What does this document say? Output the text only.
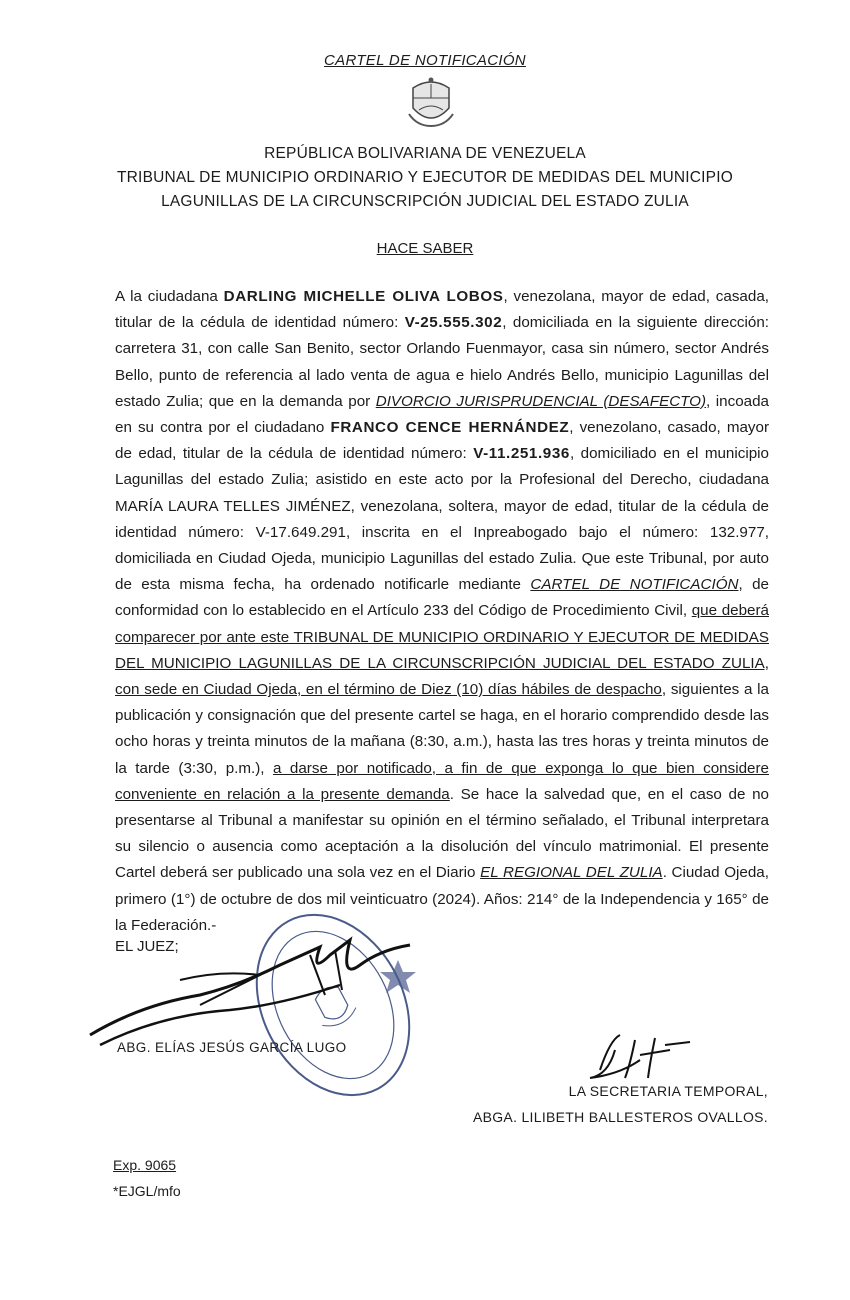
CARTEL DE NOTIFICACIÓN
REPÚBLICA BOLIVARIANA DE VENEZUELA
TRIBUNAL DE MUNICIPIO ORDINARIO Y EJECUTOR DE MEDIDAS DEL MUNICIPIO
LAGUNILLAS DE LA CIRCUNSCRIPCIÓN JUDICIAL DEL ESTADO ZULIA
HACE SABER
A la ciudadana DARLING MICHELLE OLIVA LOBOS, venezolana, mayor de edad, casada, titular de la cédula de identidad número: V-25.555.302, domiciliada en la siguiente dirección: carretera 31, con calle San Benito, sector Orlando Fuenmayor, casa sin número, sector Andrés Bello, punto de referencia al lado venta de agua e hielo Andrés Bello, municipio Lagunillas del estado Zulia; que en la demanda por DIVORCIO JURISPRUDENCIAL (DESAFECTO), incoada en su contra por el ciudadano FRANCO CENCE HERNÁNDEZ, venezolano, casado, mayor de edad, titular de la cédula de identidad número: V-11.251.936, domiciliado en el municipio Lagunillas del estado Zulia; asistido en este acto por la Profesional del Derecho, ciudadana MARÍA LAURA TELLES JIMÉNEZ, venezolana, soltera, mayor de edad, titular de la cédula de identidad número: V-17.649.291, inscrita en el Inpreabogado bajo el número: 132.977, domiciliada en Ciudad Ojeda, municipio Lagunillas del estado Zulia. Que este Tribunal, por auto de esta misma fecha, ha ordenado notificarle mediante CARTEL DE NOTIFICACIÓN, de conformidad con lo establecido en el Artículo 233 del Código de Procedimiento Civil, que deberá comparecer por ante este TRIBUNAL DE MUNICIPIO ORDINARIO Y EJECUTOR DE MEDIDAS DEL MUNICIPIO LAGUNILLAS DE LA CIRCUNSCRIPCIÓN JUDICIAL DEL ESTADO ZULIA, con sede en Ciudad Ojeda, en el término de Diez (10) días hábiles de despacho, siguientes a la publicación y consignación que del presente cartel se haga, en el horario comprendido desde las ocho horas y treinta minutos de la mañana (8:30, a.m.), hasta las tres horas y treinta minutos de la tarde (3:30, p.m.), a darse por notificado, a fin de que exponga lo que bien considere conveniente en relación a la presente demanda. Se hace la salvedad que, en el caso de no presentarse al Tribunal a manifestar su opinión en el término señalado, el Tribunal interpretara su silencio o ausencia como aceptación a la disolución del vínculo matrimonial. El presente Cartel deberá ser publicado una sola vez en el Diario EL REGIONAL DEL ZULIA. Ciudad Ojeda, primero (1°) de octubre de dos mil veinticuatro (2024). Años: 214° de la Independencia y 165° de la Federación.-
EL JUEZ;
ABG. ELÍAS JESÚS GARCÍA LUGO
LA SECRETARIA TEMPORAL,
ABGA. LILIBETH BALLESTEROS OVALLOS.
Exp. 9065
*EJGL/mfo
